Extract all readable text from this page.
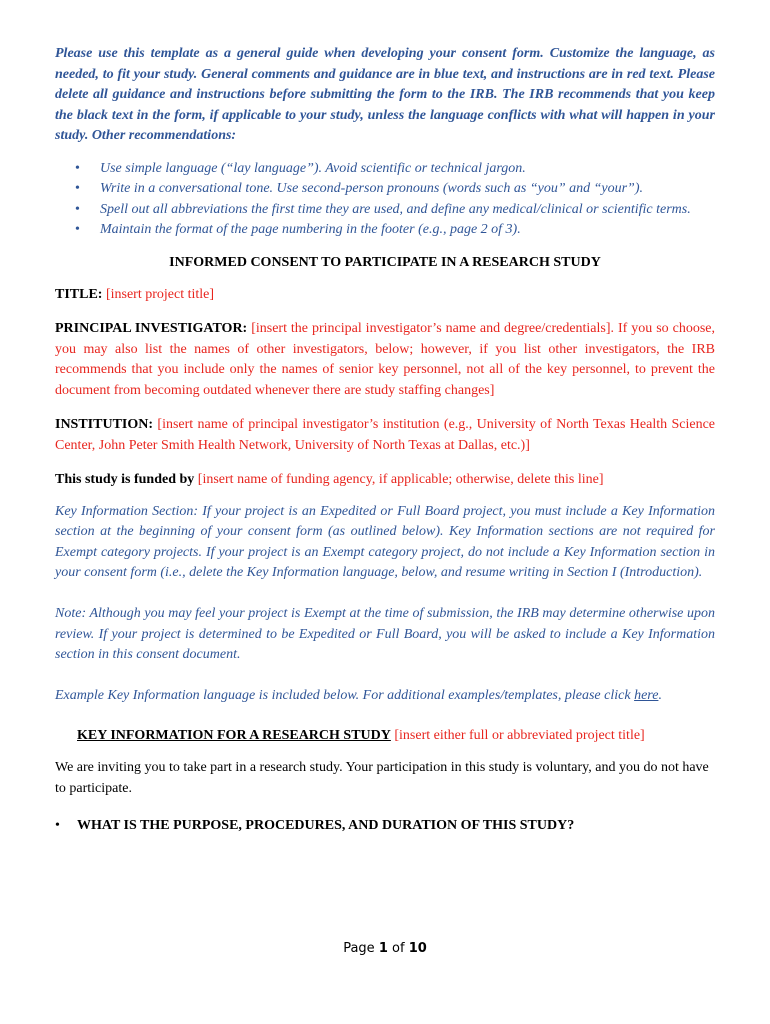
Please use this template as a general guide when developing your consent form. Customize the language, as needed, to fit your study. General comments and guidance are in blue text, and instructions are in red text. Please delete all guidance and instructions before submitting the form to the IRB. The IRB recommends that you keep the black text in the form, if applicable to your study, unless the language conflicts with what will happen in your study. Other recommendations:

• Use simple language (“lay language”). Avoid scientific or technical jargon.
• Write in a conversational tone. Use second-person pronouns (words such as “you” and “your”).
• Spell out all abbreviations the first time they are used, and define any medical/clinical or scientific terms.
• Maintain the format of the page numbering in the footer (e.g., page 2 of 3).

INFORMED CONSENT TO PARTICIPATE IN A RESEARCH STUDY

TITLE: [insert project title]

PRINCIPAL INVESTIGATOR: [insert the principal investigator’s name and degree/credentials]. If you so choose, you may also list the names of other investigators, below; however, if you list other investigators, the IRB recommends that you include only the names of senior key personnel, not all of the key personnel, to prevent the document from becoming outdated whenever there are study staffing changes]

INSTITUTION: [insert name of principal investigator’s institution (e.g., University of North Texas Health Science Center, John Peter Smith Health Network, University of North Texas at Dallas, etc.)]

This study is funded by [insert name of funding agency, if applicable; otherwise, delete this line]

Key Information Section: If your project is an Expedited or Full Board project, you must include a Key Information section at the beginning of your consent form (as outlined below). Key Information sections are not required for Exempt category projects. If your project is an Exempt category project, do not include a Key Information section in your consent form (i.e., delete the Key Information language, below, and resume writing in Section I (Introduction).

Note: Although you may feel your project is Exempt at the time of submission, the IRB may determine otherwise upon review. If your project is determined to be Expedited or Full Board, you will be asked to include a Key Information section in this consent document.

Example Key Information language is included below. For additional examples/templates, please click here.

KEY INFORMATION FOR A RESEARCH STUDY [insert either full or abbreviated project title]

We are inviting you to take part in a research study. Your participation in this study is voluntary, and you do not have to participate.

• WHAT IS THE PURPOSE, PROCEDURES, AND DURATION OF THIS STUDY?

Page 1 of 10
